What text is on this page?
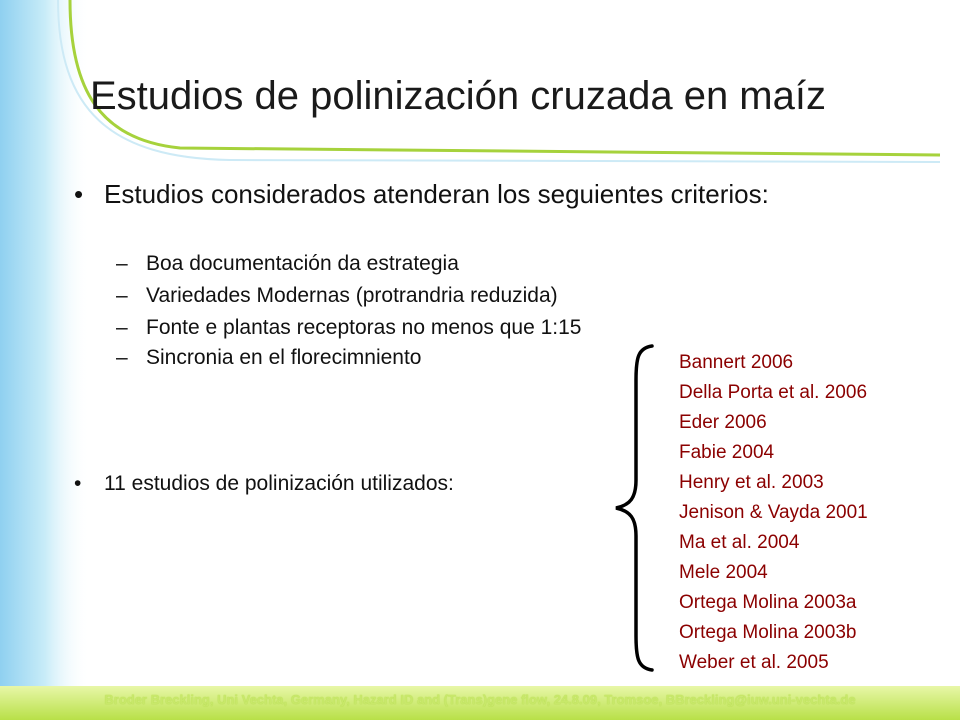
Estudios de polinización cruzada en maíz
• Estudios considerados atenderan los seguientes criterios:
– Boa documentación da estrategia
– Variedades Modernas (protrandria reduzida)
– Fonte e plantas receptoras no menos que 1:15
– Sincronia en el florecimniento
• 11 estudios de polinización utilizados:
Bannert 2006
Della Porta et al. 2006
Eder 2006
Fabie 2004
Henry et al. 2003
Jenison & Vayda 2001
Ma et al. 2004
Mele 2004
Ortega Molina 2003a
Ortega Molina 2003b
Weber et al. 2005
Broder Breckling, Uni Vechta, Germany, Hazard ID and (Trans)gene flow, 24.8.09, Tromsoe, BBreckling@iuw.uni-vechta.de
